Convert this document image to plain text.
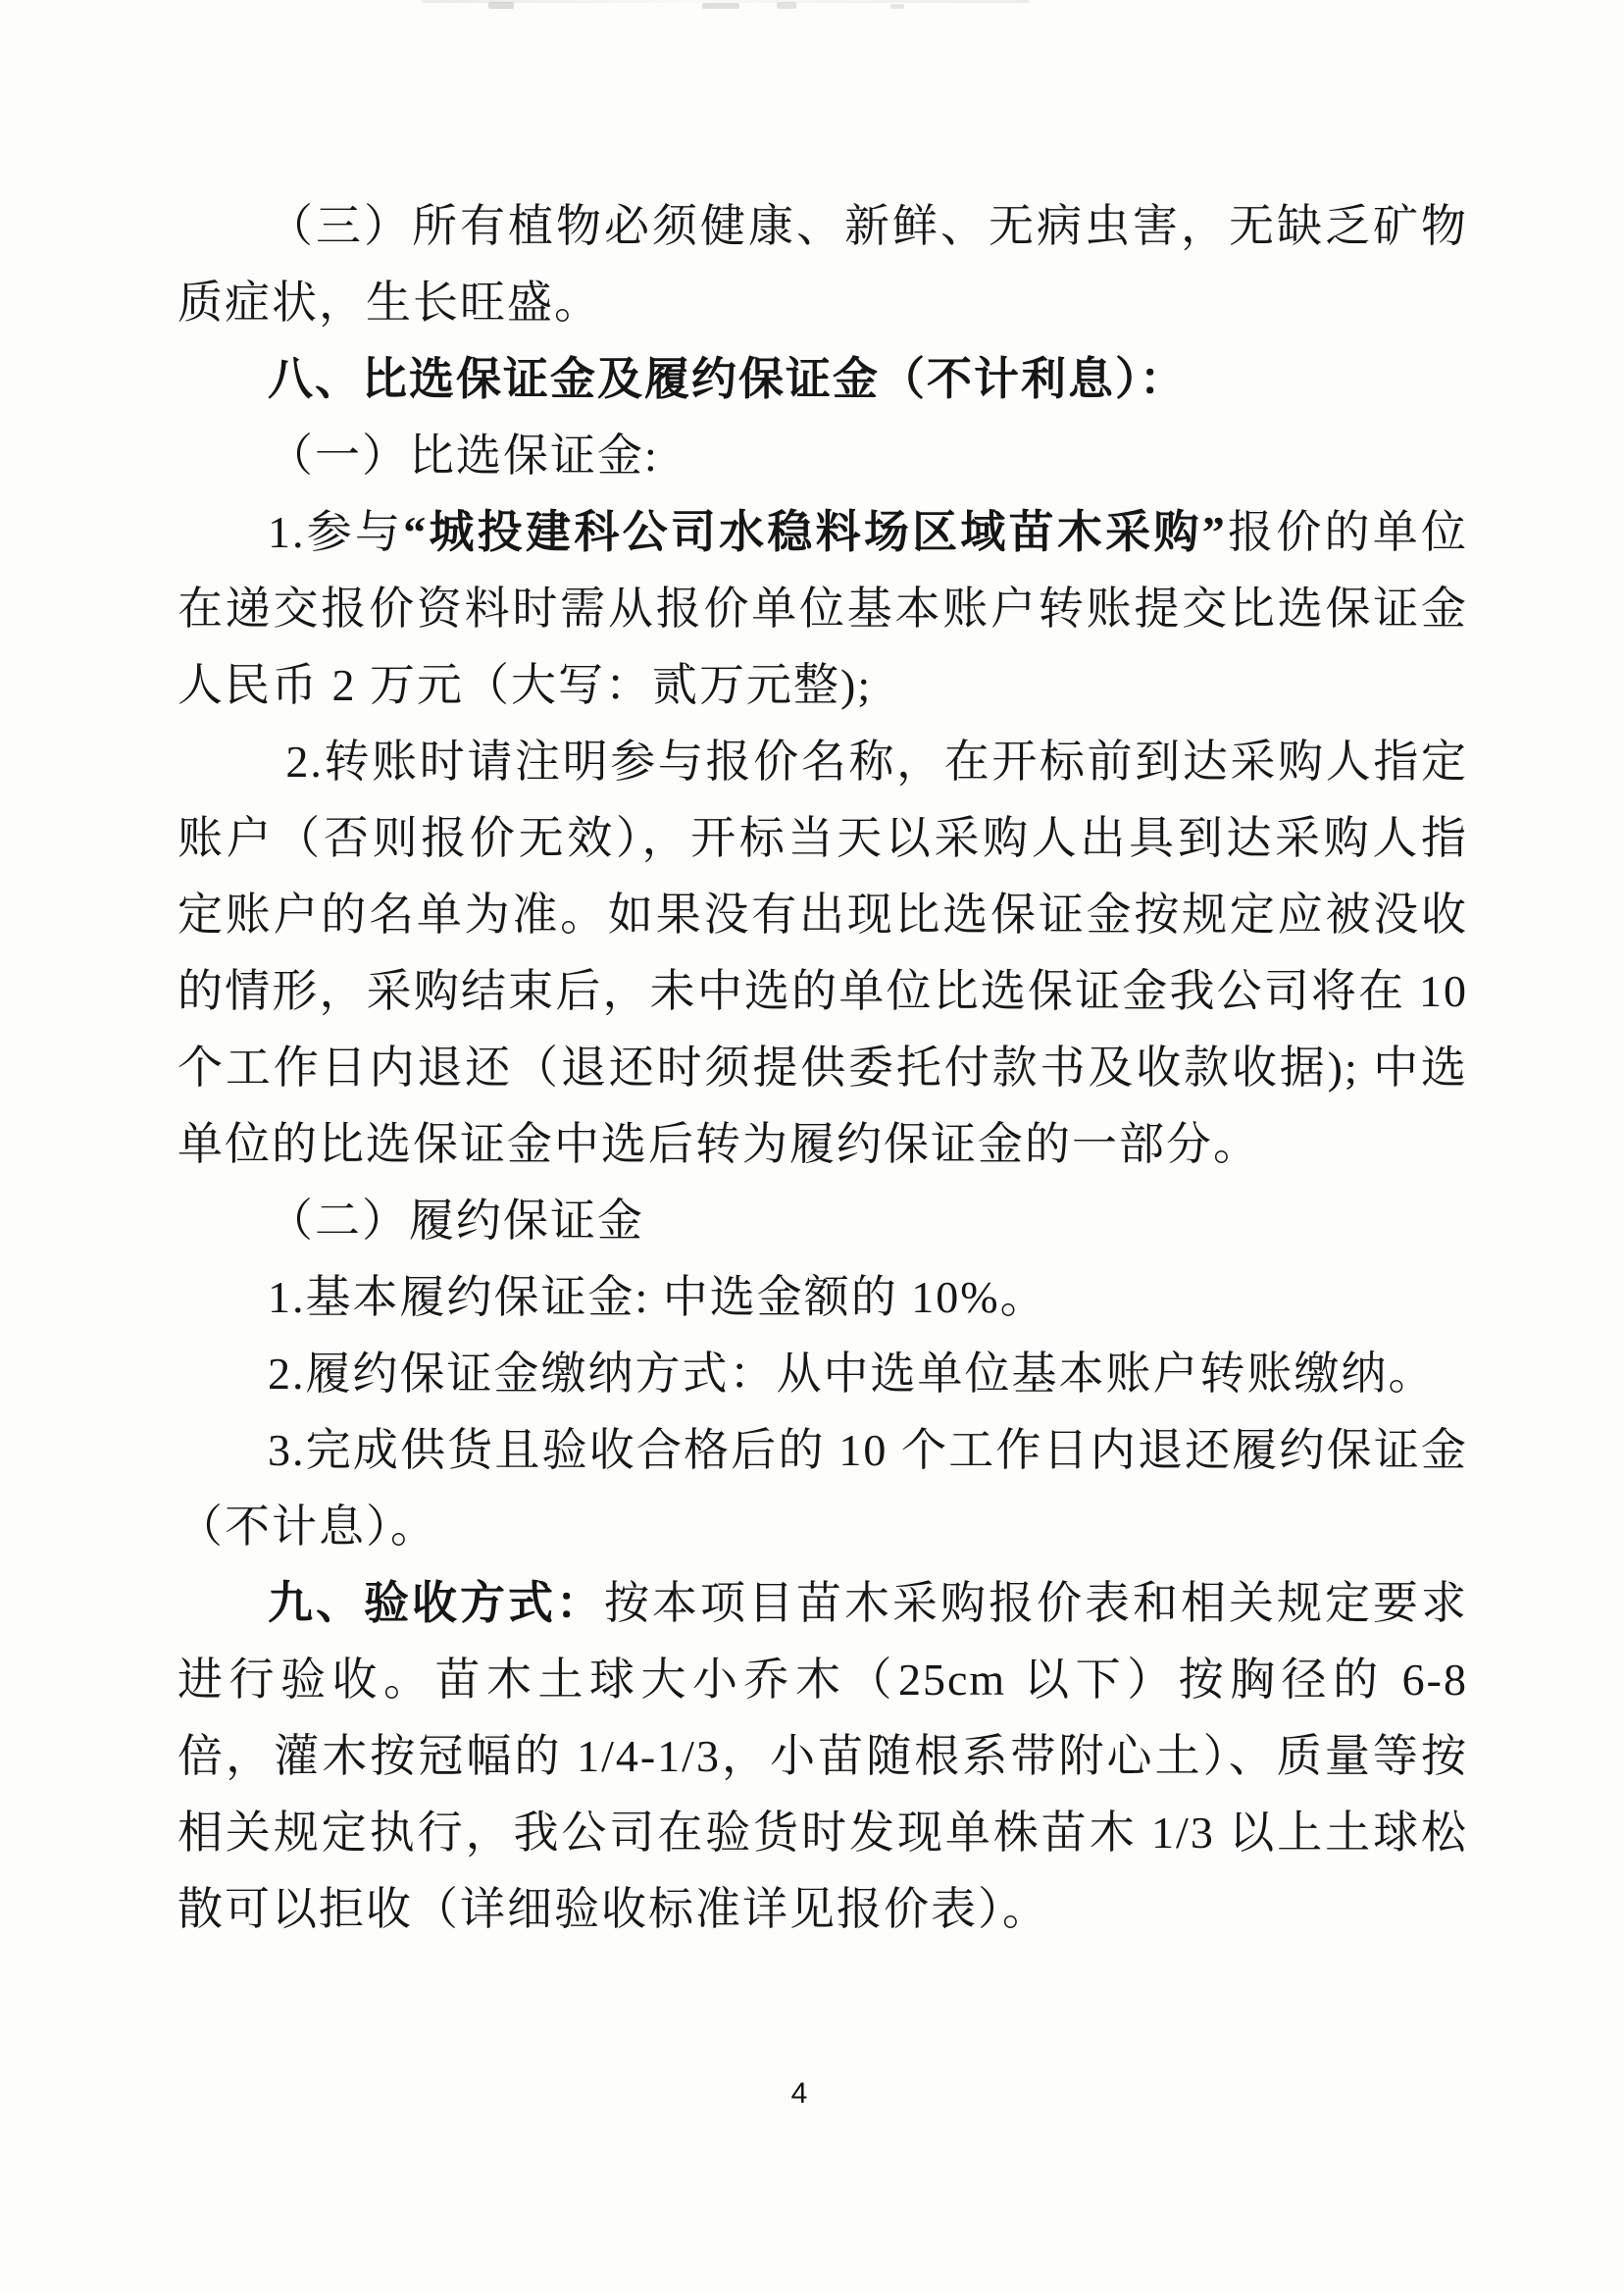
（三）所有植物必须健康、新鲜、无病虫害，无缺乏矿物质症状，生长旺盛。

八、比选保证金及履约保证金（不计利息）：

（一）比选保证金:

1.参与“城投建科公司水稳料场区域苗木采购”报价的单位在递交报价资料时需从报价单位基本账户转账提交比选保证金人民币 2 万元（大写：贰万元整);

2.转账时请注明参与报价名称，在开标前到达采购人指定账户（否则报价无效），开标当天以采购人出具到达采购人指定账户的名单为准。如果没有出现比选保证金按规定应被没收的情形，采购结束后，未中选的单位比选保证金我公司将在 10 个工作日内退还（退还时须提供委托付款书及收款收据); 中选单位的比选保证金中选后转为履约保证金的一部分。

（二）履约保证金

1.基本履约保证金: 中选金额的 10%。

2.履约保证金缴纳方式：从中选单位基本账户转账缴纳。

3.完成供货且验收合格后的 10 个工作日内退还履约保证金（不计息）。

九、验收方式：按本项目苗木采购报价表和相关规定要求进行验收。苗木土球大小乔木（25cm 以下）按胸径的 6-8 倍，灌木按冠幅的 1/4-1/3，小苗随根系带附心土）、质量等按相关规定执行，我公司在验货时发现单株苗木 1/3 以上土球松散可以拒收（详细验收标准详见报价表）。

4
